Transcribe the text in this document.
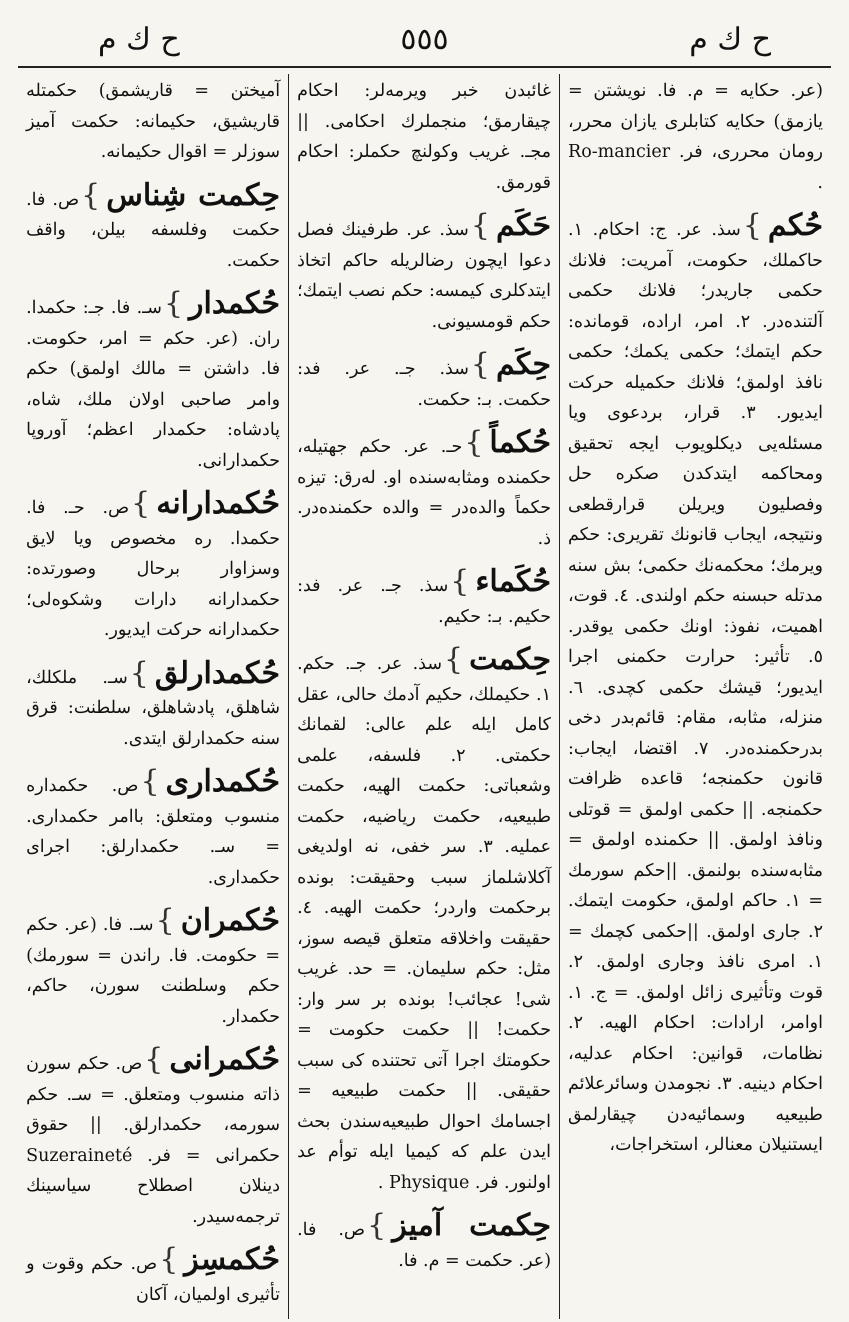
ح ك م
٥٥٥
ح ك م

(عر. حكايه = م. فا. نويشتن = يازمق) حكايه كتابلرى يازان محرر، رومان محررى، فر. Ro-mancier .

حُكم}سذ. عر. ج: احكام. ١. حاكملك، حكومت، آمريت: فلانك حكمى جاريدر؛ فلانك حكمى آلتنده‌در. ٢. امر، اراده، قومانده: حكم ايتمك؛ حكمى يكمك؛ حكمى نافذ اولمق؛ فلانك حكميله حركت ايديور. ٣. قرار، بردعوى ويا مسئله‌يى ديكلويوب ايجه تحقيق ومحاكمه ايتدكدن صكره حل وفصليون ويريلن قرارقطعى ونتيجه، ايجاب قانونك تقريرى: حكم ويرمك؛ محكمه‌نك حكمى؛ بش سنه مدتله حبسنه حكم اولندى. ٤. قوت، اهميت، نفوذ: اونك حكمى يوقدر. ٥. تأثير: حرارت حكمنى اجرا ايديور؛ قيشك حكمى كچدى. ٦. منزله، مثابه، مقام: قائم‌بدر دخى بدرحكمنده‌در. ٧. اقتضا، ايجاب: قانون حكمنجه؛ قاعده ظرافت حكمنجه. || حكمى اولمق = قوتلى ونافذ اولمق. || حكمنده اولمق = مثابه‌سنده بولنمق. ||حكم سورمك = ١. حاكم اولمق، حكومت ايتمك. ٢. جارى اولمق. ||حكمى كچمك = ١. امرى نافذ وجارى اولمق. ٢. قوت وتأثيرى زائل اولمق. = ج. ١. اوامر، ارادات: احكام الهيه. ٢. نظامات، قوانين: احكام عدليه، احكام دينيه. ٣. نجومدن وسائرعلائم طبيعيه وسمائيه‌دن چيقارلمق ايستنيلان معنالر، استخراجات،

غائبدن خبر ويرمه‌لر: احكام چيقارمق؛ منجملرك احكامى. || مجـ. غريب وكولنچ حكملر: احكام قورمق.

حَكَم}سذ. عر. طرفينك فصل دعوا ايچون رضالريله حاكم اتخاذ ايتدكلرى كيمسه: حكم نصب ايتمك؛ حكم قومسيونى.

حِكَم}سذ. جـ. عر. فد: حكمت. بـ: حكمت.

حُكماً}حـ. عر. حكم جهتيله، حكمنده ومثابه‌سنده او. له‌رق: تيزه حكماً والده‌در = والده حكمنده‌در. ذ.

حُكَماء}سذ. جـ. عر. فد: حكيم. بـ: حكيم.

حِكمت}سذ. عر. جـ. حكم. ١. حكيملك، حكيم آدمك حالى، عقل كامل ايله علم عالى: لقمانك حكمتى. ٢. فلسفه، علمى وشعباتى: حكمت الهيه، حكمت طبيعيه، حكمت رياضيه، حكمت عمليه. ٣. سر خفى، نه اولديغى آكلاشلماز سبب وحقيقت: بونده برحكمت واردر؛ حكمت الهيه. ٤. حقيقت واخلاقه متعلق قيصه سوز، مثل: حكم سليمان. = حد. غريب شى! عجائب! بونده بر سر وار: حكمت! || حكمت حكومت = حكومتك اجرا آتى تحتنده كى سبب حقيقى. || حكمت طبيعيه = اجسامك احوال طبيعيه‌سندن بحث ايدن علم كه كيميا ايله توأم عد اولنور. فر. Physique .

حِكمت آميز}ص. فا. (عر. حكمت = م. فا.

آميختن = قاريشمق) حكمتله قاريشيق، حكيمانه: حكمت آميز سوزلر = اقوال حكيمانه.

حِكمت شِناس}ص. فا. حكمت وفلسفه بيلن، واقف حكمت.

حُكمدار}سـ. فا. جـ: حكمدا. ران. (عر. حكم = امر، حكومت. فا. داشتن = مالك اولمق) حكم وامر صاحبى اولان ملك، شاه، پادشاه: حكمدار اعظم؛ آوروپا حكمدارانى.

حُكمدارانه}ص. حـ. فا. حكمدا. ره مخصوص ويا لايق وسزاوار برحال وصورتده: حكمدارانه دارات وشكوه‌لى؛ حكمدارانه حركت ايديور.

حُكمدارلق}سـ. ملكلك، شاهلق، پادشاهلق، سلطنت: قرق سنه حكمدارلق ايتدى.

حُكمدارى}ص. حكمداره منسوب ومتعلق: باامر حكمدارى. = سـ. حكمدارلق: اجراى حكمدارى.

حُكمران}سـ. فا. (عر. حكم = حكومت. فا. راندن = سورمك) حكم وسلطنت سورن، حاكم، حكمدار.

حُكمرانى}ص. حكم سورن ذاته منسوب ومتعلق. = سـ. حكم سورمه، حكمدارلق. || حقوق حكمرانى = فر. Suzeraineté دينلان اصطلاح سياسينك ترجمه‌سيدر.

حُكمسِز}ص. حكم وقوت و تأثيرى اولميان، آكان
